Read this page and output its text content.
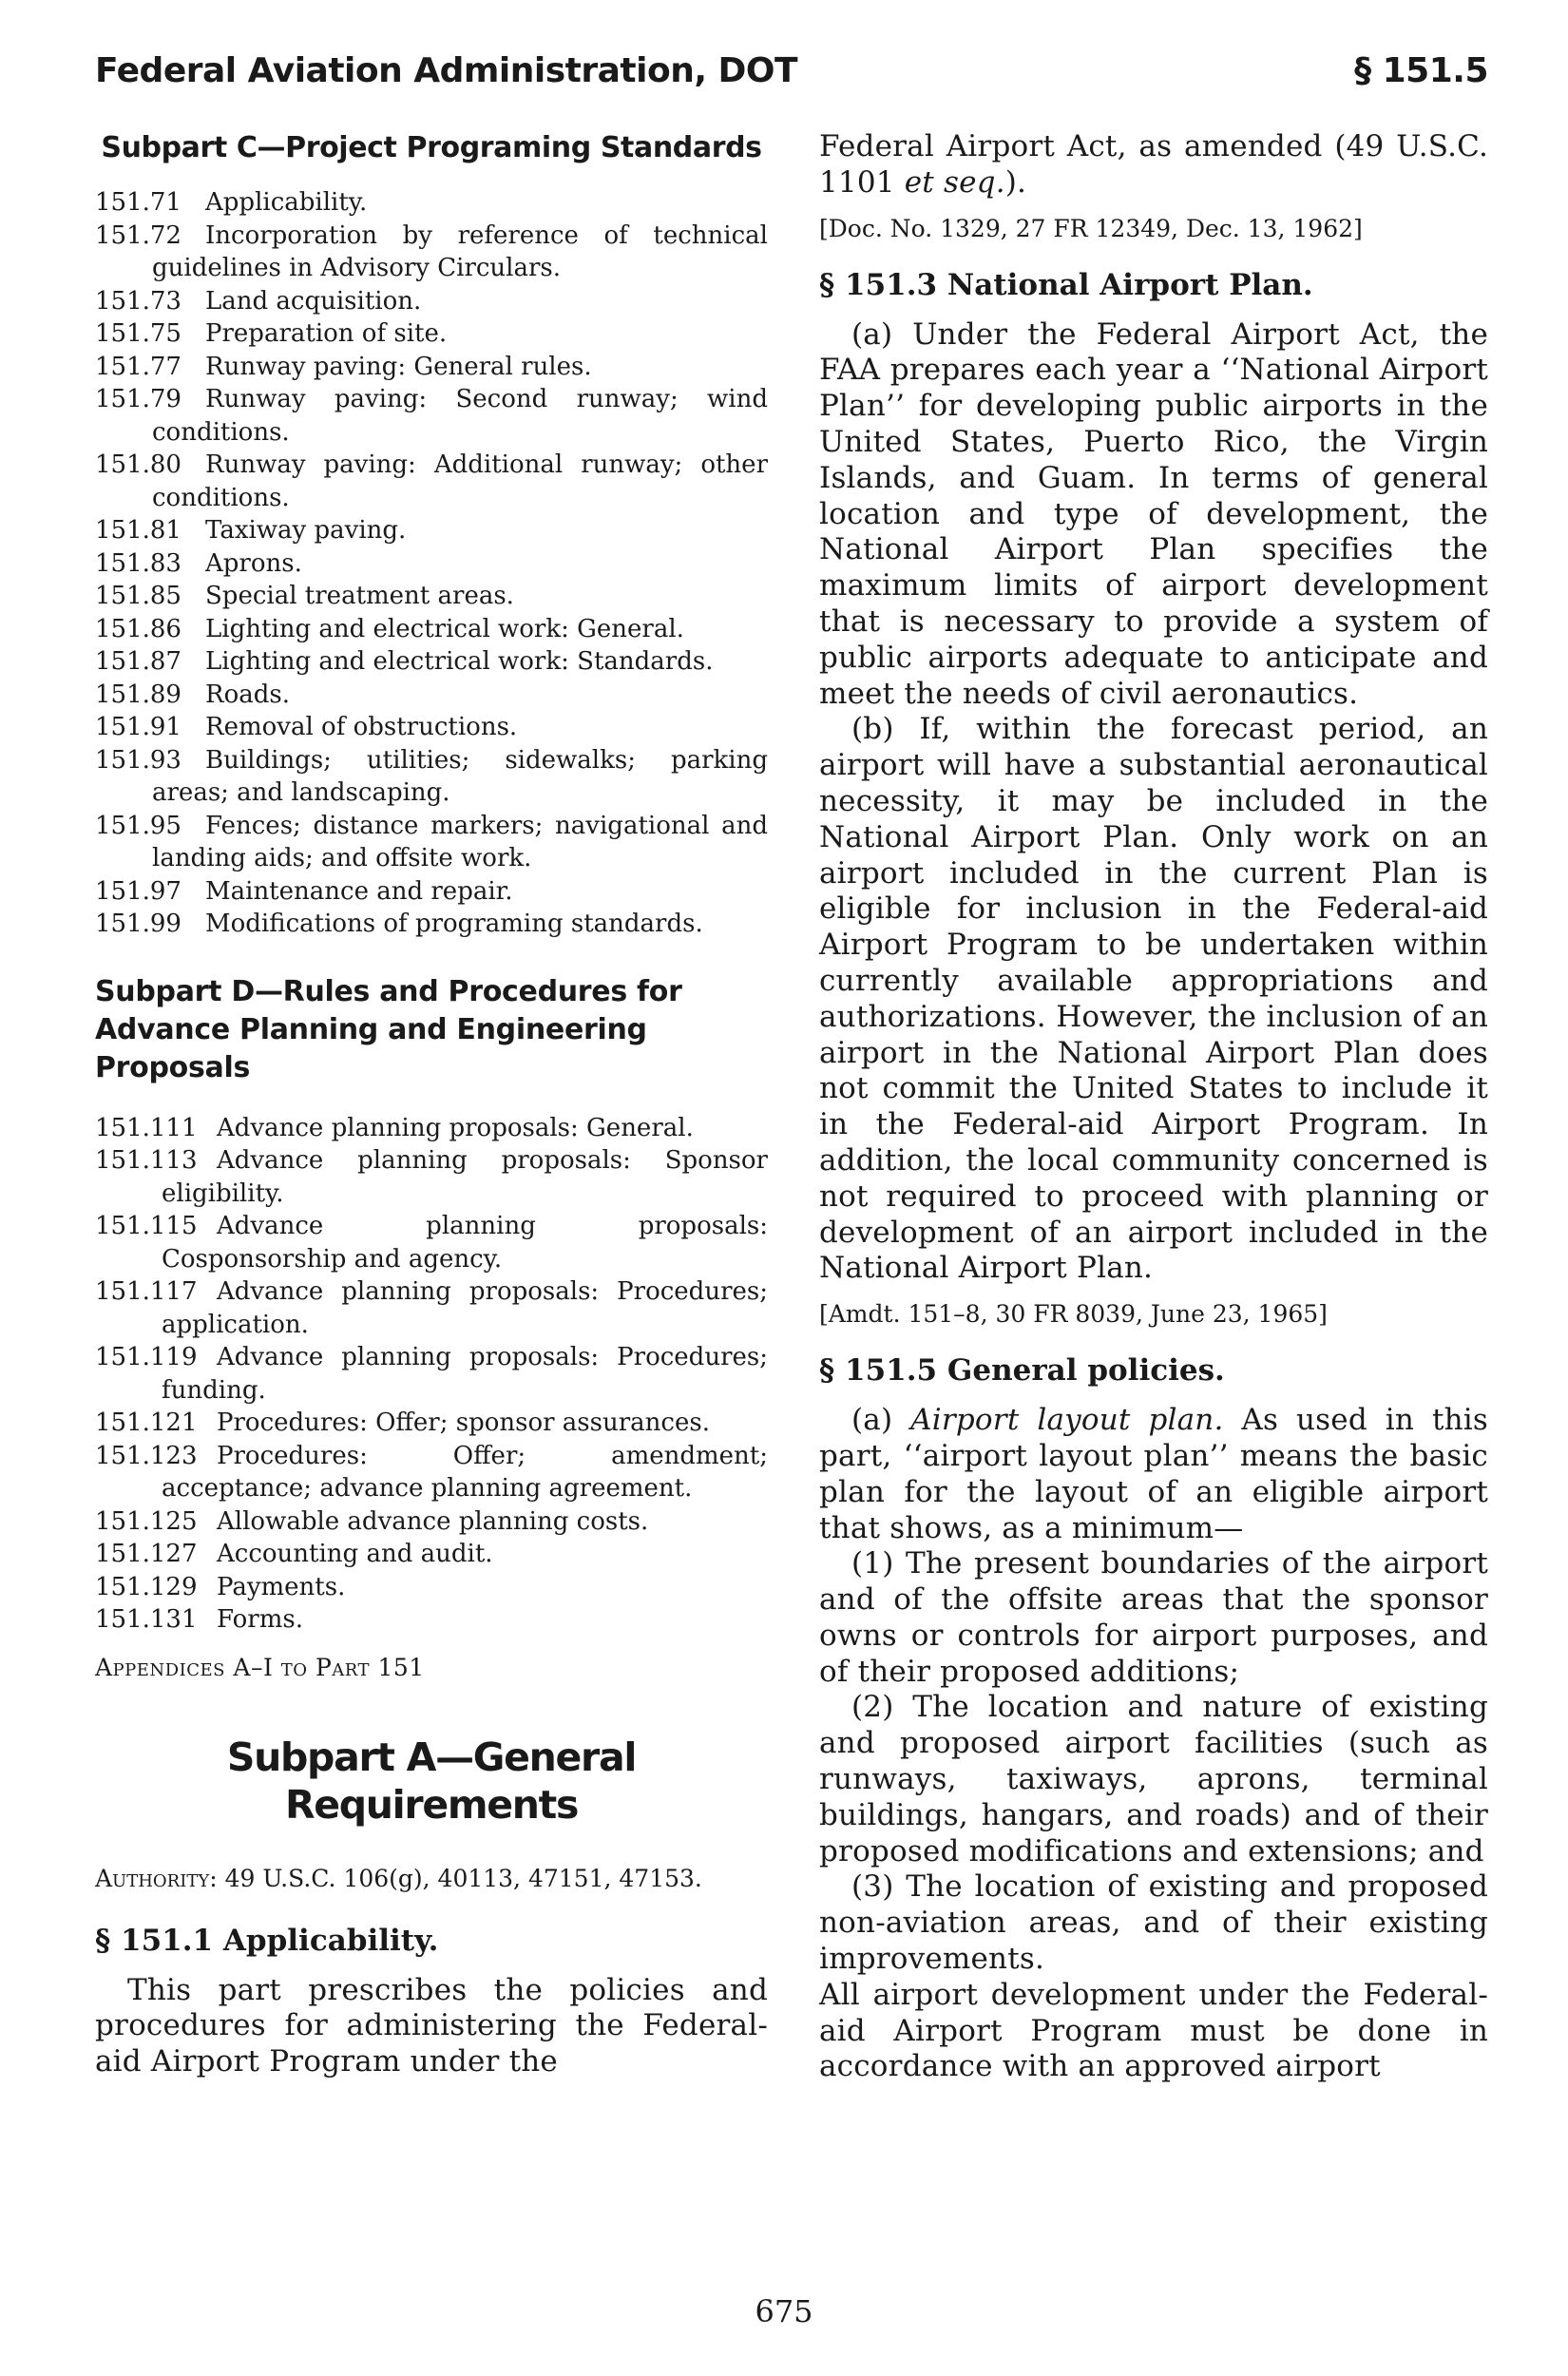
Federal Aviation Administration, DOT	§ 151.5
Subpart C—Project Programing Standards
151.71 Applicability.
151.72 Incorporation by reference of technical guidelines in Advisory Circulars.
151.73 Land acquisition.
151.75 Preparation of site.
151.77 Runway paving: General rules.
151.79 Runway paving: Second runway; wind conditions.
151.80 Runway paving: Additional runway; other conditions.
151.81 Taxiway paving.
151.83 Aprons.
151.85 Special treatment areas.
151.86 Lighting and electrical work: General.
151.87 Lighting and electrical work: Standards.
151.89 Roads.
151.91 Removal of obstructions.
151.93 Buildings; utilities; sidewalks; parking areas; and landscaping.
151.95 Fences; distance markers; navigational and landing aids; and offsite work.
151.97 Maintenance and repair.
151.99 Modifications of programing standards.
Subpart D—Rules and Procedures for Advance Planning and Engineering Proposals
151.111 Advance planning proposals: General.
151.113 Advance planning proposals: Sponsor eligibility.
151.115 Advance planning proposals: Cosponsorship and agency.
151.117 Advance planning proposals: Procedures; application.
151.119 Advance planning proposals: Procedures; funding.
151.121 Procedures: Offer; sponsor assurances.
151.123 Procedures: Offer; amendment; acceptance; advance planning agreement.
151.125 Allowable advance planning costs.
151.127 Accounting and audit.
151.129 Payments.
151.131 Forms.

Appendices A–I to Part 151

Subpart A—General Requirements

Authority: 49 U.S.C. 106(g), 40113, 47151, 47153.

§ 151.1 Applicability.

This part prescribes the policies and procedures for administering the Federal-aid Airport Program under the

Federal Airport Act, as amended (49 U.S.C. 1101 et seq.).

[Doc. No. 1329, 27 FR 12349, Dec. 13, 1962]

§ 151.3 National Airport Plan.

(a) Under the Federal Airport Act, the FAA prepares each year a ‘‘National Airport Plan’’ for developing public airports in the United States, Puerto Rico, the Virgin Islands, and Guam. In terms of general location and type of development, the National Airport Plan specifies the maximum limits of airport development that is necessary to provide a system of public airports adequate to anticipate and meet the needs of civil aeronautics.

(b) If, within the forecast period, an airport will have a substantial aeronautical necessity, it may be included in the National Airport Plan. Only work on an airport included in the current Plan is eligible for inclusion in the Federal-aid Airport Program to be undertaken within currently available appropriations and authorizations. However, the inclusion of an airport in the National Airport Plan does not commit the United States to include it in the Federal-aid Airport Program. In addition, the local community concerned is not required to proceed with planning or development of an airport included in the National Airport Plan.

[Amdt. 151–8, 30 FR 8039, June 23, 1965]

§ 151.5 General policies.

(a) Airport layout plan. As used in this part, ‘‘airport layout plan’’ means the basic plan for the layout of an eligible airport that shows, as a minimum—

(1) The present boundaries of the airport and of the offsite areas that the sponsor owns or controls for airport purposes, and of their proposed additions;

(2) The location and nature of existing and proposed airport facilities (such as runways, taxiways, aprons, terminal buildings, hangars, and roads) and of their proposed modifications and extensions; and

(3) The location of existing and proposed non-aviation areas, and of their existing improvements.

All airport development under the Federal-aid Airport Program must be done in accordance with an approved airport

675
